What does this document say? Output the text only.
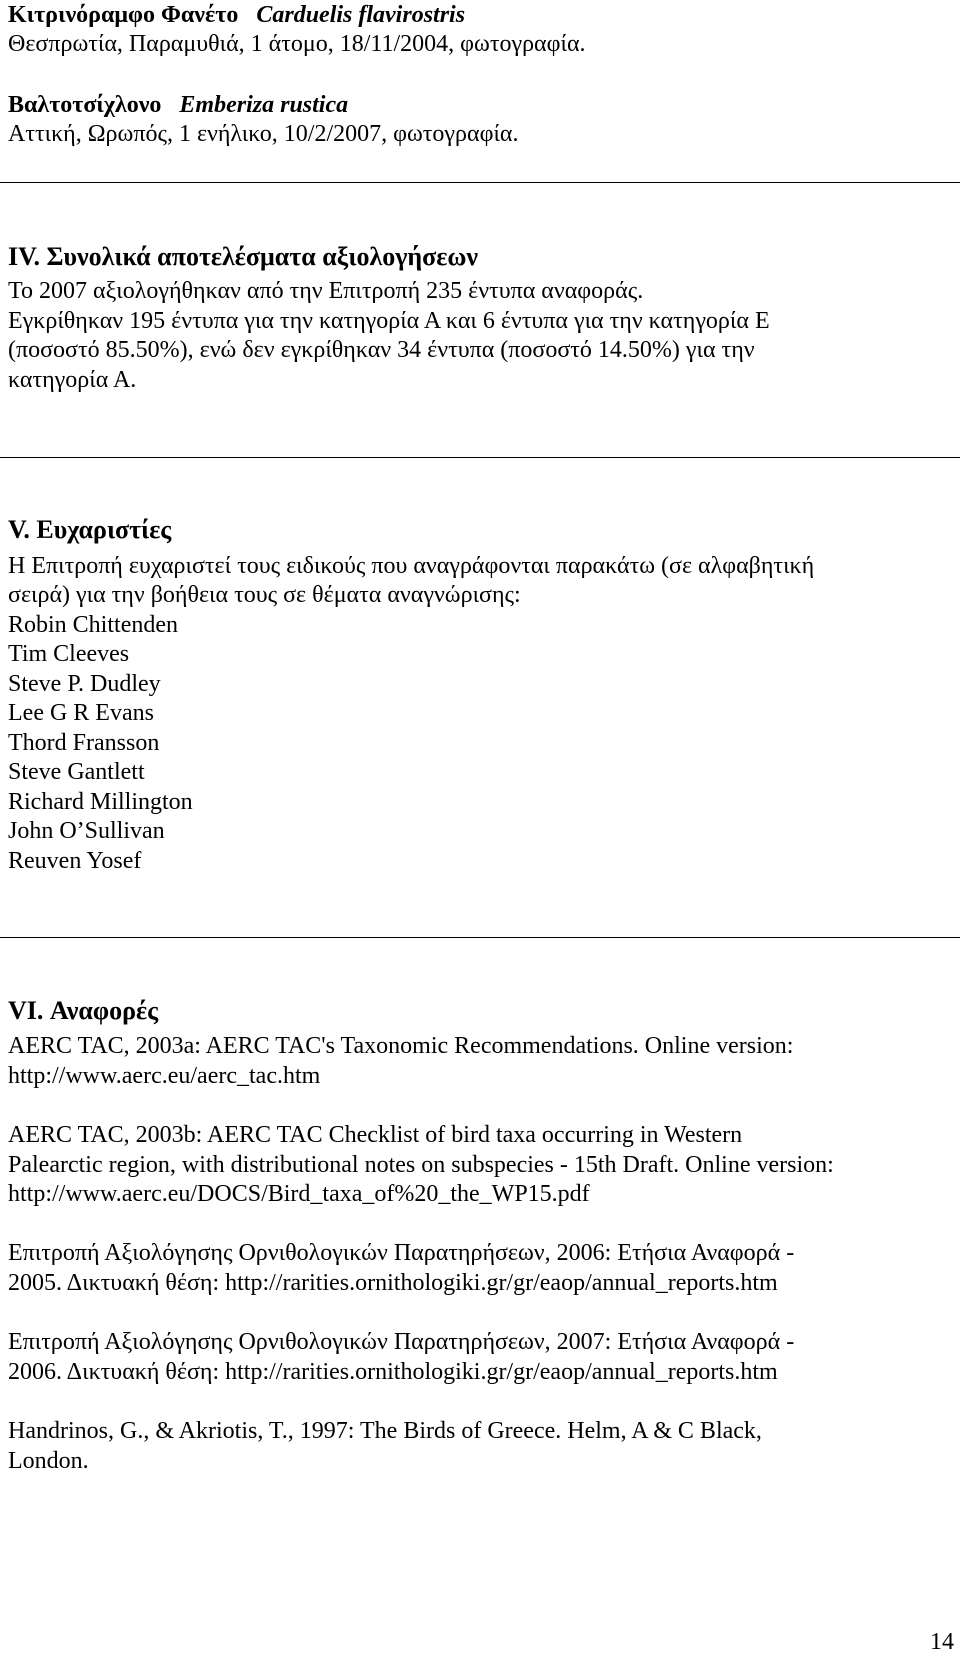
Κιτρινόραμφο Φανέτο Carduelis flavirostris
Θεσπρωτία, Παραμυθιά, 1 άτομο, 18/11/2004, φωτογραφία.
Βαλτοτσίχλονο Emberiza rustica
Αττική, Ωρωπός, 1 ενήλικο, 10/2/2007, φωτογραφία.
IV. Συνολικά αποτελέσματα αξιολογήσεων
Το 2007 αξιολογήθηκαν από την Επιτροπή 235 έντυπα αναφοράς.
Εγκρίθηκαν 195 έντυπα για την κατηγορία Α και 6 έντυπα για την κατηγορία Ε
(ποσοστό 85.50%), ενώ δεν εγκρίθηκαν 34 έντυπα (ποσοστό 14.50%) για την
κατηγορία Α.
V. Ευχαριστίες
Η Επιτροπή ευχαριστεί τους ειδικούς που αναγράφονται παρακάτω (σε αλφαβητική
σειρά) για την βοήθεια τους σε θέματα αναγνώρισης:
Robin Chittenden
Tim Cleeves
Steve P. Dudley
Lee G R Evans
Thord Fransson
Steve Gantlett
Richard Millington
John O’Sullivan
Reuven Yosef
VI. Αναφορές
AERC TAC, 2003a: AERC TAC's Taxonomic Recommendations. Online version:
http://www.aerc.eu/aerc_tac.htm
AERC TAC, 2003b: AERC TAC Checklist of bird taxa occurring in Western
Palearctic region, with distributional notes on subspecies - 15th Draft. Online version:
http://www.aerc.eu/DOCS/Bird_taxa_of%20_the_WP15.pdf
Επιτροπή Αξιολόγησης Ορνιθολογικών Παρατηρήσεων, 2006: Ετήσια Αναφορά -
2005. Δικτυακή θέση: http://rarities.ornithologiki.gr/gr/eaop/annual_reports.htm
Επιτροπή Αξιολόγησης Ορνιθολογικών Παρατηρήσεων, 2007: Ετήσια Αναφορά -
2006. Δικτυακή θέση: http://rarities.ornithologiki.gr/gr/eaop/annual_reports.htm
Handrinos, G., & Akriotis, T., 1997: The Birds of Greece. Helm, A & C Black,
London.
14
